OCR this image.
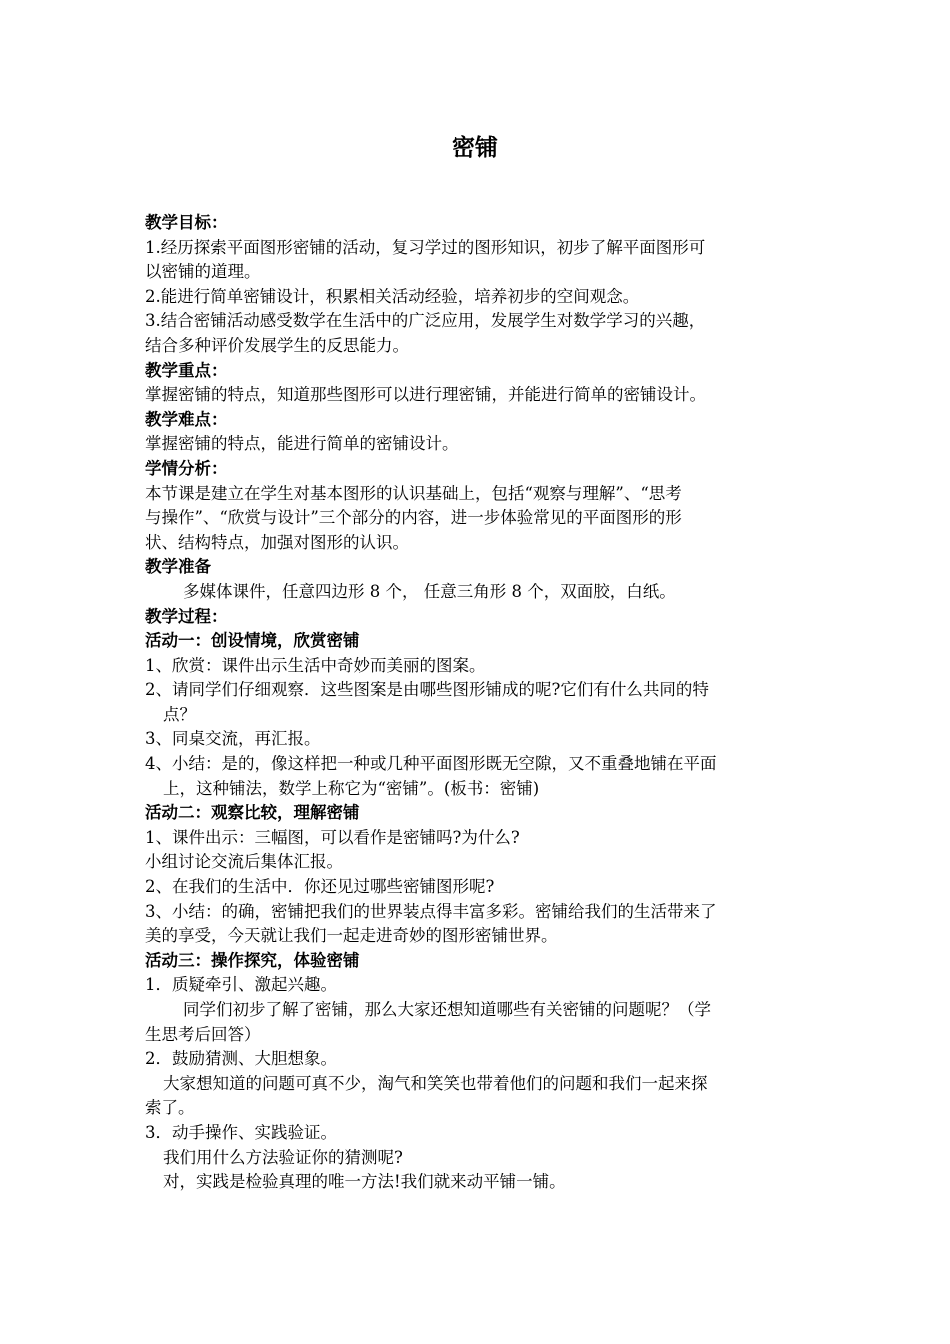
密铺

教学目标：

1.经历探索平面图形密铺的活动，复习学过的图形知识，初步了解平面图形可

以密铺的道理。

2.能进行简单密铺设计，积累相关活动经验，培养初步的空间观念。

3.结合密铺活动感受数学在生活中的广泛应用，发展学生对数学学习的兴趣，

结合多种评价发展学生的反思能力。

教学重点：

掌握密铺的特点，知道那些图形可以进行理密铺，并能进行简单的密铺设计。

教学难点：

掌握密铺的特点，能进行简单的密铺设计。

学情分析：

本节课是建立在学生对基本图形的认识基础上，包括“观察与理解”、“思考

与操作”、“欣赏与设计”三个部分的内容，进一步体验常见的平面图形的形

状、结构特点，加强对图形的认识。

教学准备

多媒体课件，任意四边形 8 个， 任意三角形 8 个，双面胶，白纸。

教学过程：

活动一：创设情境，欣赏密铺

1、欣赏：课件出示生活中奇妙而美丽的图案。

2、请同学们仔细观察．这些图案是由哪些图形铺成的呢?它们有什么共同的特

点？

3、同桌交流，再汇报。

4、小结：是的，像这样把一种或几种平面图形既无空隙，又不重叠地铺在平面

上，这种铺法，数学上称它为“密铺”。(板书：密铺)

活动二：观察比较，理解密铺

1、课件出示：三幅图，可以看作是密铺吗?为什么?

小组讨论交流后集体汇报。

2、在我们的生活中．你还见过哪些密铺图形呢?

3、小结：的确，密铺把我们的世界装点得丰富多彩。密铺给我们的生活带来了

美的享受，今天就让我们一起走进奇妙的图形密铺世界。

活动三：操作探究，体验密铺

1．质疑牵引、激起兴趣。

同学们初步了解了密铺，那么大家还想知道哪些有关密铺的问题呢？（学

生思考后回答）

2．鼓励猜测、大胆想象。

大家想知道的问题可真不少，淘气和笑笑也带着他们的问题和我们一起来探

索了。

3．动手操作、实践验证。

我们用什么方法验证你的猜测呢?

对，实践是检验真理的唯一方法!我们就来动平铺一铺。
